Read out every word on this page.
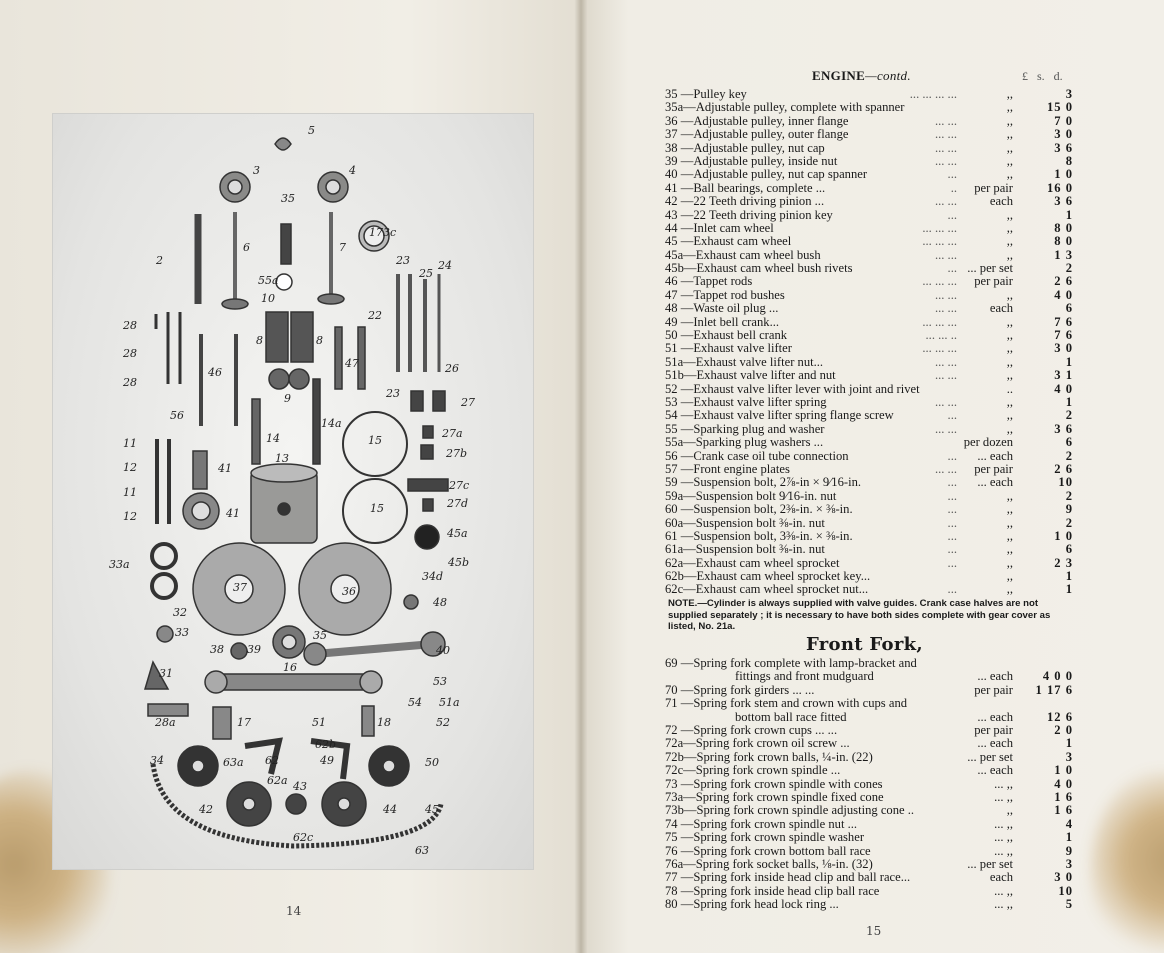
5
3	4
35
173c
2
6	7
55a
10
23
25
24
22
28
28
28
8	8
47
46
9
26
23
27
56
14
14a
15
27a
11
12
11
12
41
41
13	27b
27c
27d
15
45a
45b
34d
33a
37	36
48
32
33
38
35
39	40
31	16
53
51a
28a	17	18
54
52
51
62b
34	63a 62	49	50
62a 43
42	44	45
62c
63
14
ENGINE—contd.	£ s. d.
35 —Pulley key	... ... ... ...	,,	3
35a—Adjustable pulley, complete with spanner	,,	15 0
36 —Adjustable pulley, inner flange	... ...	,,	7 0
37 —Adjustable pulley, outer flange	... ...	,,	3 0
38 —Adjustable pulley, nut cap	... ...	,,	3 6
39 —Adjustable pulley, inside nut	... ...	,,	8
40 —Adjustable pulley, nut cap spanner	...	,,	1 0
41 —Ball bearings, complete ...	.. per pair	16 0
42 —22 Teeth driving pinion ...	... ...	each	3 6
43 —22 Teeth driving pinion key	...	,,	1
44 —Inlet cam wheel	... ... ...	,,	8 0
45 —Exhaust cam wheel	... ... ...	,,	8 0
45a—Exhaust cam wheel bush	... ...	,,	1 3
45b—Exhaust cam wheel bush rivets	... ... per set	2
46 —Tappet rods	... ... ... per pair	2 6
47 —Tappet rod bushes	... ...	,,	4 0
48 —Waste oil plug ...	... ...	each	6
49 —Inlet bell crank...	... ... ...	,,	7 6
50 —Exhaust bell crank	... ... ..	,,	7 6
51 —Exhaust valve lifter	... ... ...	,,	3 0
51a—Exhaust valve lifter nut...	... ...	,,	1
51b—Exhaust valve lifter and nut	... ...	,,	3 1
52 —Exhaust valve lifter lever with joint and rivet	..	4 0
53 —Exhaust valve lifter spring	... ...	,,	1
54 —Exhaust valve lifter spring flange screw	...	,,	2
55 —Sparking plug and washer	... ...	,,	3 6
55a—Sparking plug washers ...	per dozen	6
56 —Crank case oil tube connection	... ... each	2
57 —Front engine plates	... ... per pair	2 6
59 —Suspension bolt, 2⅞-in × 9⁄16-in.	... ... each	10
59a—Suspension bolt 9⁄16-in. nut	...	,,	2
60 —Suspension bolt, 2⅜-in. × ⅜-in.	...	,,	9
60a—Suspension bolt ⅜-in. nut	...	,,	2
61 —Suspension bolt, 3⅜-in. × ⅜-in.	...	,,	1 0
61a—Suspension bolt ⅜-in. nut	...	,,	6
62a—Exhaust cam wheel sprocket	...	,,	2 3
62b—Exhaust cam wheel sprocket key...	,,	1
62c—Exhaust cam wheel sprocket nut...	...	,,	1

NOTE.—Cylinder is always supplied with valve guides. Crank case halves are not supplied separately ; it is necessary to have both sides complete with gear cover as listed, No. 21a.

Front Fork,
69 —Spring fork complete with lamp-bracket and
fittings and front mudguard	... each 4 0 0
70 —Spring fork girders ... ...	per pair 1 17 6
71 —Spring fork stem and crown with cups and
bottom ball race fitted	... each	12 6
72 —Spring fork crown cups ... ...	per pair	2 0
72a—Spring fork crown oil screw ...	... each	1
72b—Spring fork crown balls, ¼-in. (22)	... per set	3
72c—Spring fork crown spindle ...	... each	1 0
73 —Spring fork crown spindle with cones	... ,,	4 0
73a—Spring fork crown spindle fixed cone	... ,,	1 6
73b—Spring fork crown spindle adjusting cone ..	,,	1 6
74 —Spring fork crown spindle nut ...	... ,,	4
75 —Spring fork crown spindle washer	... ,,	1
76 —Spring fork crown bottom ball race	... ,,	9
76a—Spring fork socket balls, ⅛-in. (32)	... per set	3
77 —Spring fork inside head clip and ball race...	each	3 0
78 —Spring fork inside head clip ball race	... ,,	10
80 —Spring fork head lock ring ...	... ,,	5
15
